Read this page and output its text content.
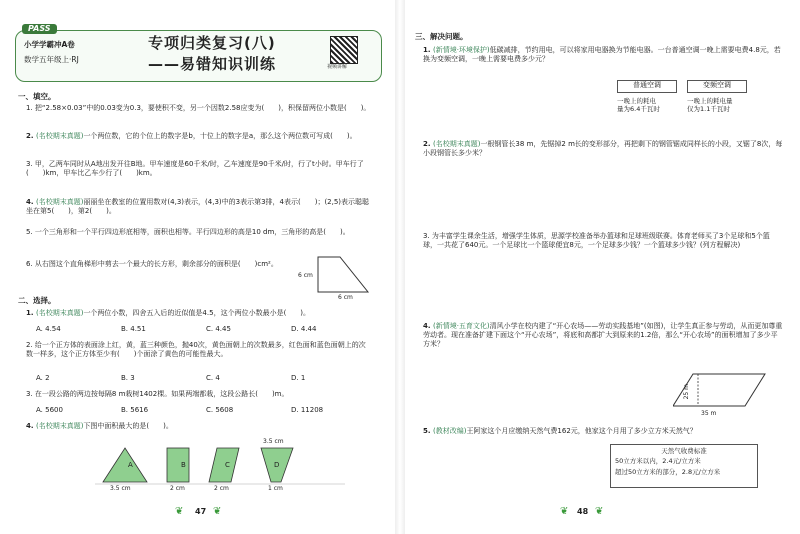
PASS
小学学霸冲A卷
数学五年级上·RJ
专项归类复习(八)
——易错知识训练	视频讲解
一、填空。
1. 把“2.58×0.03”中的0.03变为0.3，要使积不变，另一个因数2.58应变为(　　)，积保留两位小数是(　　)。
2. (名校期末真题)一个两位数，它的个位上的数字是b，十位上的数字是a，那么这个两位数可写成(　　)。
3. 甲，乙两车同时从A地出发开往B地。甲车速度是60千米/时，乙车速度是90千米/时，行了t小时。甲车行了(　　)km，甲车比乙车少行了(　　)km。
4. (名校期末真题)丽丽坐在教室的位置用数对(4,3)表示，(4,3)中的3表示第3排，4表示(　　)；(2,5)表示聪聪坐在第5(　　)，第2(　　)。
5. 一个三角形和一个平行四边形底相等，面积也相等。平行四边形的高是10 dm，三角形的高是(　　)。
6. 从右图这个直角梯形中剪去一个最大的长方形，剩余部分的面积是(　　)cm²。
6 cm
6 cm
二、选择。
1. (名校期末真题)一个两位小数，四舍五入后的近似值是4.5，这个两位小数最小是(　　)。
A. 4.54	B. 4.51	C. 4.45	D. 4.44
2. 给一个正方体的表面涂上红，黄，蓝三种颜色，抛40次，黄色面朝上的次数最多，红色面和蓝色面朝上的次数一样多，这个正方体至少有(　　)个面涂了黄色的可能性最大。
A. 2	B. 3	C. 4	D. 1
3. 在一段公路的两边按每隔8 m栽树1402棵。如果两端都栽，这段公路长(　　)m。
A. 5600	B. 5616	C. 5608	D. 11208
4. (名校期末真题)下图中面积最大的是(　　)。
A	B	C	D
3.5 cm	2 cm	2 cm	1 cm
3.5 cm
❦ 47 ❦
三、解决问题。
1. (新情境·环境保护)低碳减排，节约用电，可以将家用电器换为节能电器。一台普通空调一晚上需要电费4.8元，若换为变频空调，一晚上需要电费多少元？
普通空调	变频空调
一晚上的耗电
量为6.4千瓦时
一晚上的耗电量
仅为1.1千瓦时
2. (名校期末真题)一根钢管长38 m，先锯掉2 m长的变形部分，再把剩下的钢管锯成同样长的小段，又锯了8次，每小段钢管长多少米？
3. 为丰富学生课余生活，增强学生体质，思源学校准备举办篮球和足球班级联赛。体育老师买了3个足球和5个篮球，一共花了640元。一个足球比一个篮球便宜8元，一个足球多少钱？一个篮球多少钱？(列方程解决)
4. (新情境·五育文化)清风小学在校内建了“开心农场——劳动实践基地”(如图)，让学生真正参与劳动，从而更加尊重劳动者。现在准备扩建下面这个“开心农场”，将底和高都扩大到原来的1.2倍，那么“开心农场”的面积增加了多少平方米？
25 m
35 m
5. (教材改编)王阿家这个月应缴纳天然气费162元，他家这个月用了多少立方米天然气？
天然气收费标准
50立方米以内，2.4元/立方米
超过50立方米的部分，2.8元/立方米
❦ 48 ❦
